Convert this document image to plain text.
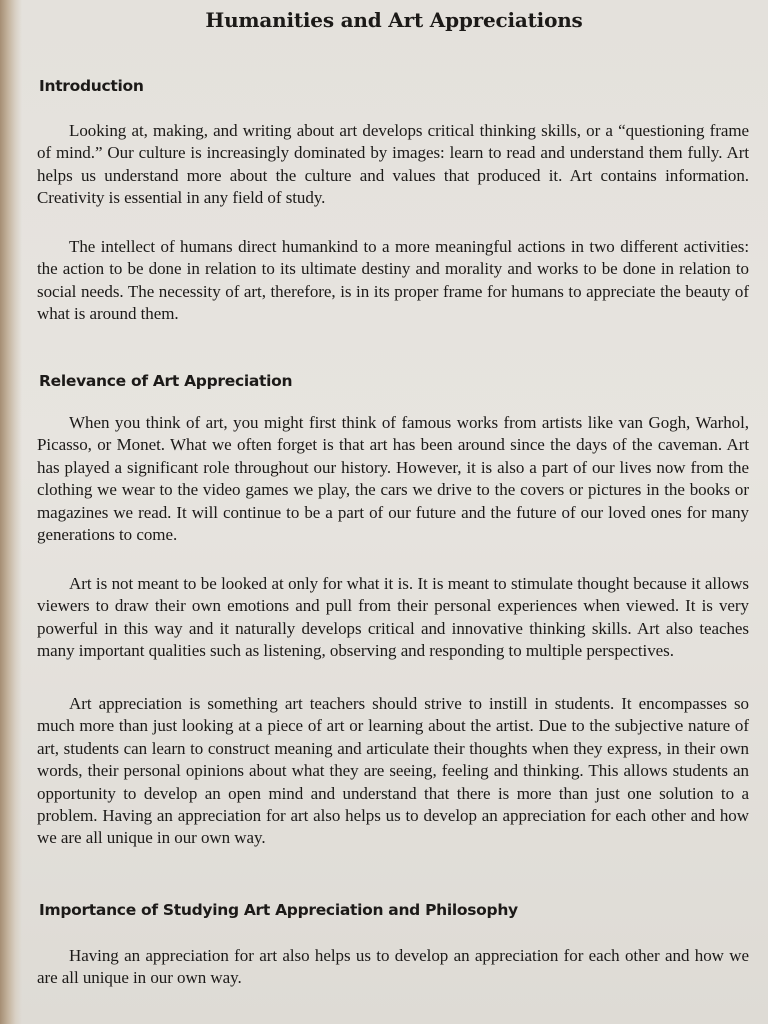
Humanities and Art Appreciations
Introduction

Looking at, making, and writing about art develops critical thinking skills, or a “questioning frame of mind.” Our culture is increasingly dominated by images: learn to read and understand them fully. Art helps us understand more about the culture and values that produced it. Art contains information. Creativity is essential in any field of study.

The intellect of humans direct humankind to a more meaningful actions in two different activities: the action to be done in relation to its ultimate destiny and morality and works to be done in relation to social needs. The necessity of art, therefore, is in its proper frame for humans to appreciate the beauty of what is around them.

Relevance of Art Appreciation

When you think of art, you might first think of famous works from artists like van Gogh, Warhol, Picasso, or Monet. What we often forget is that art has been around since the days of the caveman. Art has played a significant role throughout our history. However, it is also a part of our lives now from the clothing we wear to the video games we play, the cars we drive to the covers or pictures in the books or magazines we read. It will continue to be a part of our future and the future of our loved ones for many generations to come.

Art is not meant to be looked at only for what it is. It is meant to stimulate thought because it allows viewers to draw their own emotions and pull from their personal experiences when viewed. It is very powerful in this way and it naturally develops critical and innovative thinking skills. Art also teaches many important qualities such as listening, observing and responding to multiple perspectives.

Art appreciation is something art teachers should strive to instill in students. It encompasses so much more than just looking at a piece of art or learning about the artist. Due to the subjective nature of art, students can learn to construct meaning and articulate their thoughts when they express, in their own words, their personal opinions about what they are seeing, feeling and thinking. This allows students an opportunity to develop an open mind and understand that there is more than just one solution to a problem. Having an appreciation for art also helps us to develop an appreciation for each other and how we are all unique in our own way.

Importance of Studying Art Appreciation and Philosophy

Having an appreciation for art also helps us to develop an appreciation for each other and how we are all unique in our own way.
